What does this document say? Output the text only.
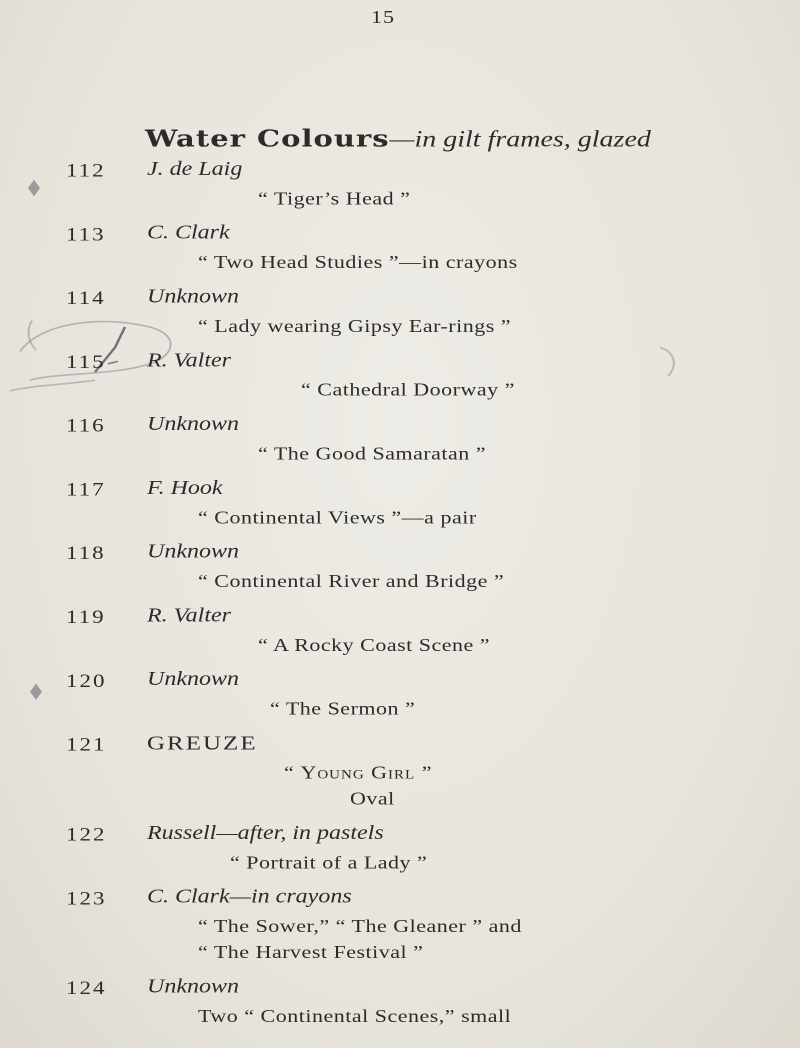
15
Water Colours—in gilt frames, glazed
112 J. de Laig
“ Tiger’s Head ”
113 C. Clark
“ Two Head Studies ”—in crayons
114 Unknown
“ Lady wearing Gipsy Ear-rings ”
115 R. Valter
“ Cathedral Doorway ”
116 Unknown
“ The Good Samaratan ”
117 F. Hook
“ Continental Views ”—a pair
118 Unknown
“ Continental River and Bridge ”
119 R. Valter
“ A Rocky Coast Scene ”
120 Unknown
“ The Sermon ”
121 GREUZE
“ Young Girl ”
Oval
122 Russell—after, in pastels
“ Portrait of a Lady ”
123 C. Clark—in crayons
“ The Sower,” “ The Gleaner ” and
“ The Harvest Festival ”
124 Unknown
Two “ Continental Scenes,” small
